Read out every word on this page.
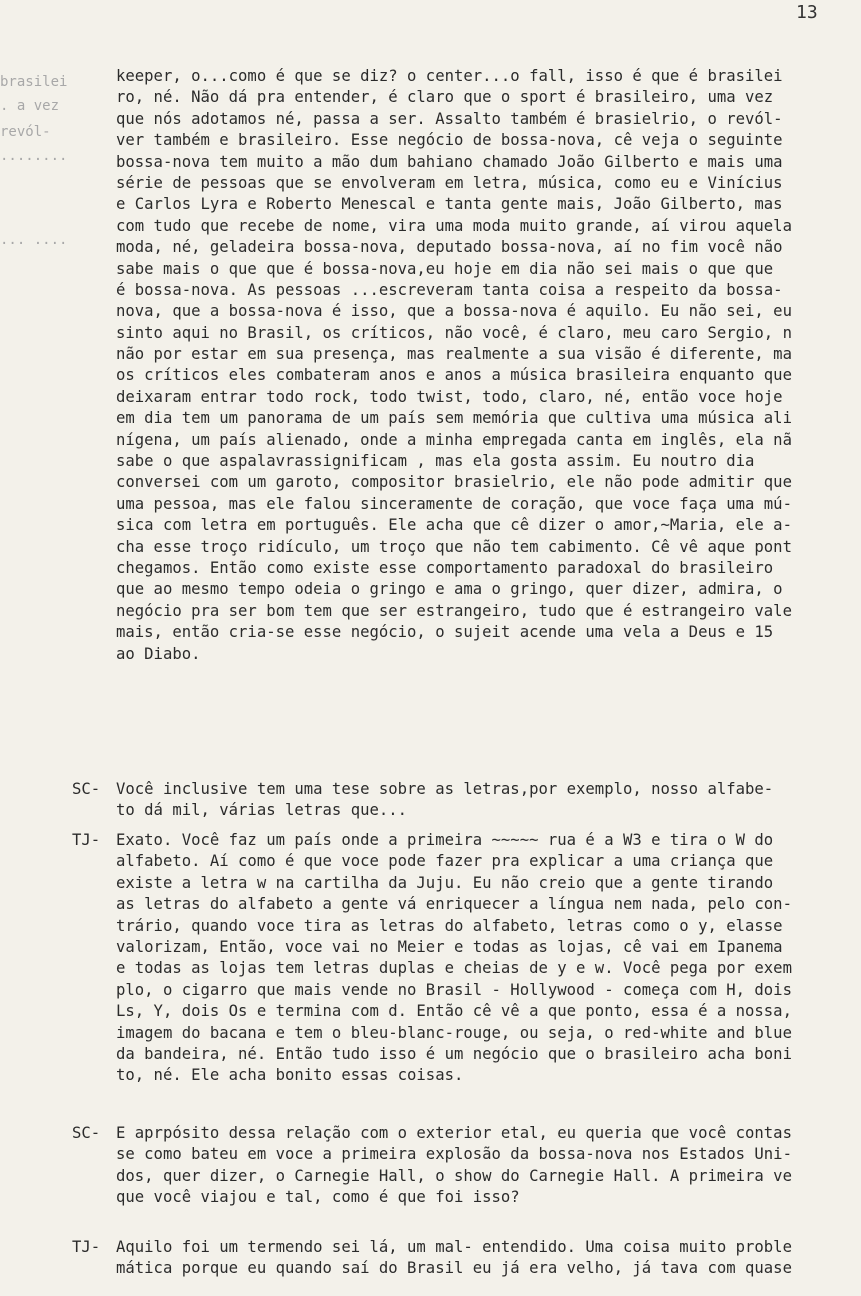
13
brasilei
. a vez
revól-
........
... ....
keeper, o...como é que se diz? o center...o fall, isso é que é brasilei
ro, né. Não dá pra entender, é claro que o sport é brasileiro, uma vez
que nós adotamos né, passa a ser. Assalto também é brasielrio, o revól-
ver também e brasileiro. Esse negócio de bossa-nova, cê veja o seguinte
bossa-nova tem muito a mão dum bahiano chamado João Gilberto e mais uma
série de pessoas que se envolveram em letra, música, como eu e Vinícius
e Carlos Lyra e Roberto Menescal e tanta gente mais, João Gilberto, mas
com tudo que recebe de nome, vira uma moda muito grande, aí virou aquela
moda, né, geladeira bossa-nova, deputado bossa-nova, aí no fim você não
sabe mais o que que é bossa-nova,eu hoje em dia não sei mais o que que
é bossa-nova. As pessoas ...escreveram tanta coisa a respeito da bossa-
nova, que a bossa-nova é isso, que a bossa-nova é aquilo. Eu não sei, eu
sinto aqui no Brasil, os críticos, não você, é claro, meu caro Sergio, n
não por estar em sua presença, mas realmente a sua visão é diferente, ma
os críticos eles combateram anos e anos a música brasileira enquanto que
deixaram entrar todo rock, todo twist, todo, claro, né, então voce hoje
em dia tem um panorama de um país sem memória que cultiva uma música ali
nígena, um país alienado, onde a minha empregada canta em inglês, ela nã
sabe o que aspalavrassignificam , mas ela gosta assim. Eu noutro dia
conversei com um garoto, compositor brasielrio, ele não pode admitir que
uma pessoa, mas ele falou sinceramente de coração, que voce faça uma mú-
sica com letra em português. Ele acha que cê dizer o amor,~Maria, ele a-
cha esse troço ridículo, um troço que não tem cabimento. Cê vê aque pont
chegamos. Então como existe esse comportamento paradoxal do brasileiro
que ao mesmo tempo odeia o gringo e ama o gringo, quer dizer, admira, o
negócio pra ser bom tem que ser estrangeiro, tudo que é estrangeiro vale
mais, então cria-se esse negócio, o sujeit acende uma vela a Deus e 15
ao Diabo.
SC-	Você inclusive tem uma tese sobre as letras,por exemplo, nosso alfabe-
to dá mil, várias letras que...
TJ-	Exato. Você faz um país onde a primeira ~~~~~ rua é a W3 e tira o W do
alfabeto. Aí como é que voce pode fazer pra explicar a uma criança que
existe a letra w na cartilha da Juju. Eu não creio que a gente tirando
as letras do alfabeto a gente vá enriquecer a língua nem nada, pelo con-
trário, quando voce tira as letras do alfabeto, letras como o y, elasse
valorizam, Então, voce vai no Meier e todas as lojas, cê vai em Ipanema
e todas as lojas tem letras duplas e cheias de y e w. Você pega por exem
plo, o cigarro que mais vende no Brasil - Hollywood - começa com H, dois
Ls, Y, dois Os e termina com d. Então cê vê a que ponto, essa é a nossa,
imagem do bacana e tem o bleu-blanc-rouge, ou seja, o red-white and blue
da bandeira, né. Então tudo isso é um negócio que o brasileiro acha boni
to, né. Ele acha bonito essas coisas.
SC-	E aprpósito dessa relação com o exterior etal, eu queria que você contas
se como bateu em voce a primeira explosão da bossa-nova nos Estados Uni-
dos, quer dizer, o Carnegie Hall, o show do Carnegie Hall. A primeira ve
que você viajou e tal, como é que foi isso?
TJ-	Aquilo foi um termendo sei lá, um mal- entendido. Uma coisa muito proble
mática porque eu quando saí do Brasil eu já era velho, já tava com quase
